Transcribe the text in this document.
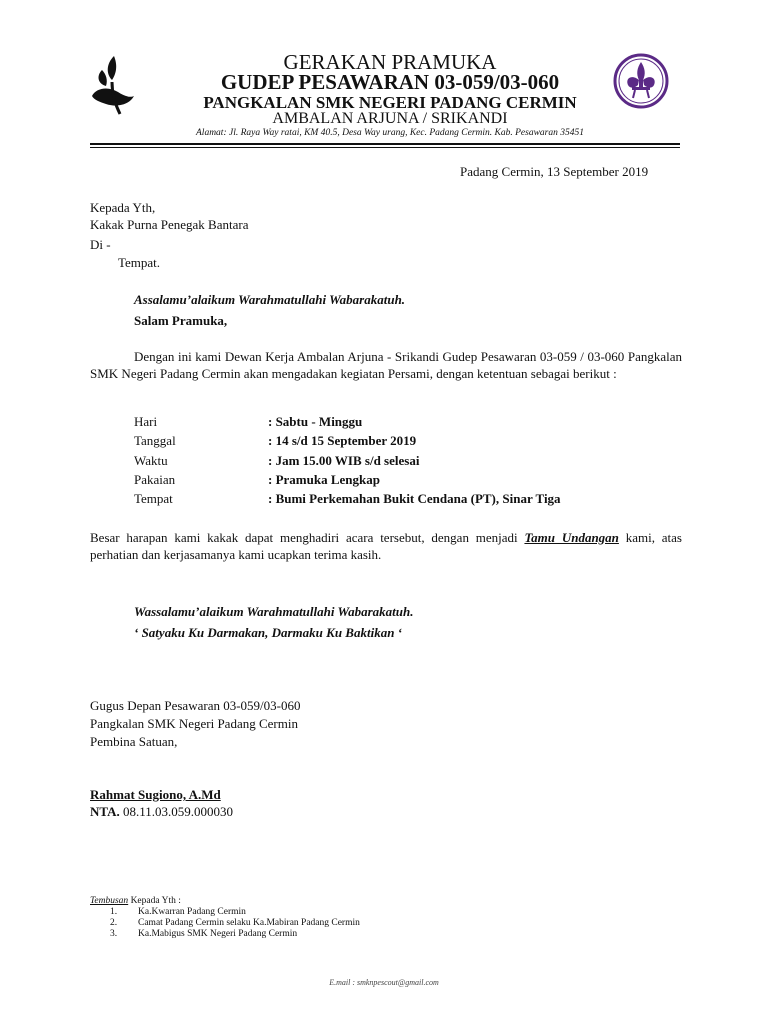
GERAKAN PRAMUKA
GUDEP PESAWARAN 03-059/03-060
PANGKALAN SMK NEGERI PADANG CERMIN
AMBALAN ARJUNA / SRIKANDI
Alamat: Jl. Raya Way ratai, KM 40.5, Desa Way urang, Kec. Padang Cermin. Kab. Pesawaran 35451
Padang Cermin, 13 September 2019
Kepada Yth,
Kakak Purna Penegak Bantara
Di -
Tempat.
Assalamu’alaikum Warahmatullahi Wabarakatuh.
Salam Pramuka,
Dengan ini kami Dewan Kerja Ambalan Arjuna - Srikandi Gudep Pesawaran 03-059 / 03-060 Pangkalan SMK Negeri Padang Cermin akan mengadakan kegiatan Persami, dengan ketentuan sebagai berikut :
Hari	: Sabtu - Minggu
Tanggal	: 14 s/d 15 September 2019
Waktu	: Jam 15.00 WIB s/d selesai
Pakaian	: Pramuka Lengkap
Tempat	: Bumi Perkemahan Bukit Cendana (PT), Sinar Tiga
Besar harapan kami kakak dapat menghadiri acara tersebut, dengan menjadi Tamu Undangan kami, atas perhatian dan kerjasamanya kami ucapkan terima kasih.
Wassalamu’alaikum Warahmatullahi Wabarakatuh.
‘ Satyaku Ku Darmakan, Darmaku Ku Baktikan ‘
Gugus Depan Pesawaran 03-059/03-060
Pangkalan SMK Negeri Padang Cermin
Pembina Satuan,
Rahmat Sugiono, A.Md
NTA. 08.11.03.059.000030
Tembusan Kepada Yth :
1.	Ka.Kwarran Padang Cermin
2.	Camat Padang Cermin selaku Ka.Mabiran Padang Cermin
3.	Ka.Mabigus SMK Negeri Padang Cermin
E.mail : smknpescout@gmail.com
